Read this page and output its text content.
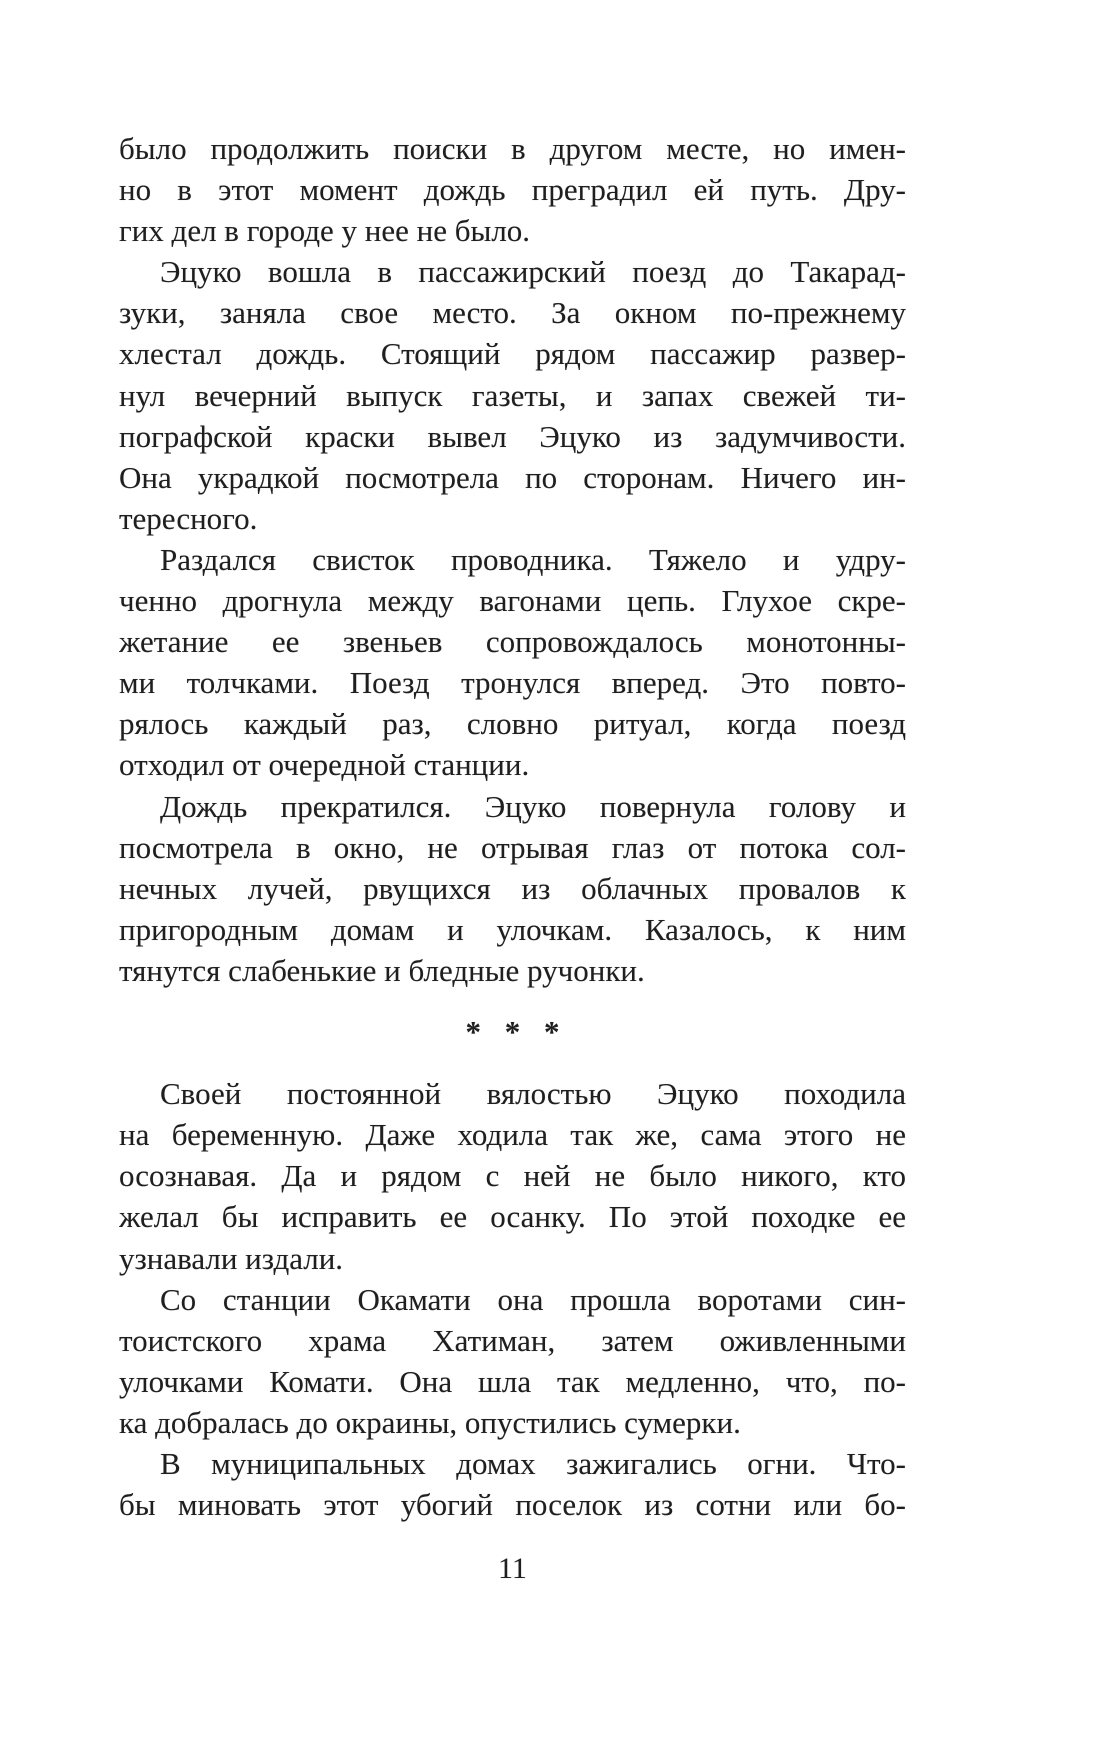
было продолжить поиски в другом месте, но имен-
но в этот момент дождь преградил ей путь. Дру-
гих дел в городе у нее не было.
Эцуко вошла в пассажирский поезд до Такарад-
зуки, заняла свое место. За окном по-прежнему
хлестал дождь. Стоящий рядом пассажир развер-
нул вечерний выпуск газеты, и запах свежей ти-
пографской краски вывел Эцуко из задумчивости.
Она украдкой посмотрела по сторонам. Ничего ин-
тересного.
Раздался свисток проводника. Тяжело и удру-
ченно дрогнула между вагонами цепь. Глухое скре-
жетание ее звеньев сопровождалось монотонны-
ми толчками. Поезд тронулся вперед. Это повто-
рялось каждый раз, словно ритуал, когда поезд
отходил от очередной станции.
Дождь прекратился. Эцуко повернула голову и
посмотрела в окно, не отрывая глаз от потока сол-
нечных лучей, рвущихся из облачных провалов к
пригородным домам и улочкам. Казалось, к ним
тянутся слабенькие и бледные ручонки.
* * *
Своей постоянной вялостью Эцуко походила
на беременную. Даже ходила так же, сама этого не
осознавая. Да и рядом с ней не было никого, кто
желал бы исправить ее осанку. По этой походке ее
узнавали издали.
Со станции Окамати она прошла воротами син-
тоистского храма Хатиман, затем оживленными
улочками Комати. Она шла так медленно, что, по-
ка добралась до окраины, опустились сумерки.
В муниципальных домах зажигались огни. Что-
бы миновать этот убогий поселок из сотни или бо-
11
